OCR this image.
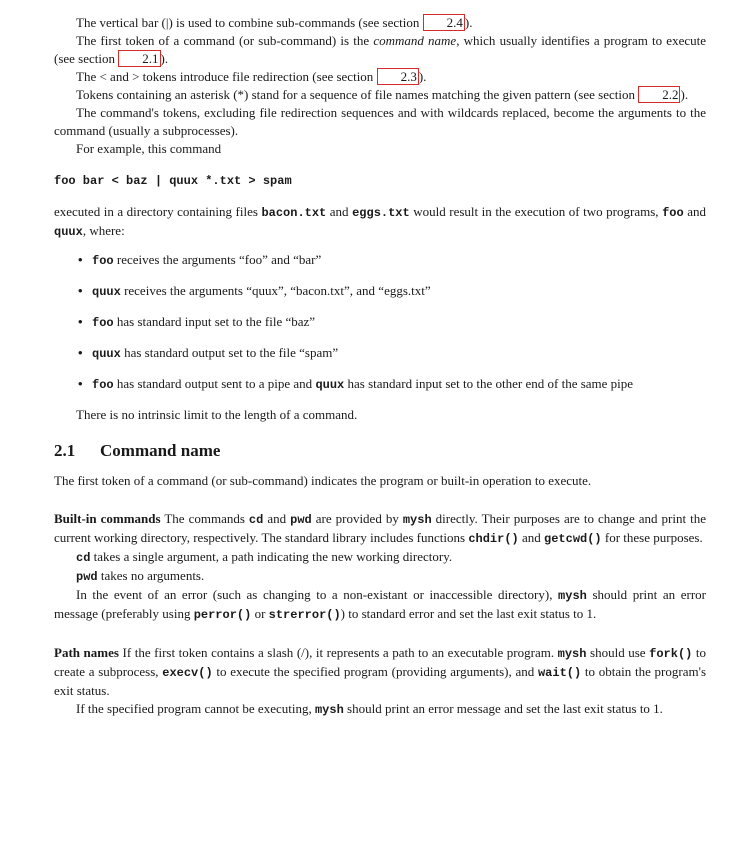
The vertical bar (|) is used to combine sub-commands (see section 2.4 ).

The first token of a command (or sub-command) is the command name, which usually identifies a program to execute (see section 2.1 ).

The < and > tokens introduce file redirection (see section 2.3 ).

Tokens containing an asterisk (*) stand for a sequence of file names matching the given pattern (see section 2.2 ).

The command's tokens, excluding file redirection sequences and with wildcards replaced, become the arguments to the command (usually a subprocesses).

For example, this command

foo bar < baz | quux *.txt > spam

executed in a directory containing files bacon.txt and eggs.txt would result in the execution of two programs, foo and quux, where:

• foo receives the arguments “foo” and “bar”
• quux receives the arguments “quux”, “bacon.txt”, and “eggs.txt”
• foo has standard input set to the file “baz”
• quux has standard output set to the file “spam”
• foo has standard output sent to a pipe and quux has standard input set to the other end of the same pipe

There is no intrinsic limit to the length of a command.

2.1 Command name

The first token of a command (or sub-command) indicates the program or built-in operation to execute.

Built-in commands The commands cd and pwd are provided by mysh directly. Their purposes are to change and print the current working directory, respectively. The standard library includes functions chdir() and getcwd() for these purposes.

cd takes a single argument, a path indicating the new working directory.

pwd takes no arguments.

In the event of an error (such as changing to a non-existant or inaccessible directory), mysh should print an error message (preferably using perror() or strerror()) to standard error and set the last exit status to 1.

Path names If the first token contains a slash (/), it represents a path to an executable program. mysh should use fork() to create a subprocess, execv() to execute the specified program (providing arguments), and wait() to obtain the program's exit status.

If the specified program cannot be executing, mysh should print an error message and set the last exit status to 1.
